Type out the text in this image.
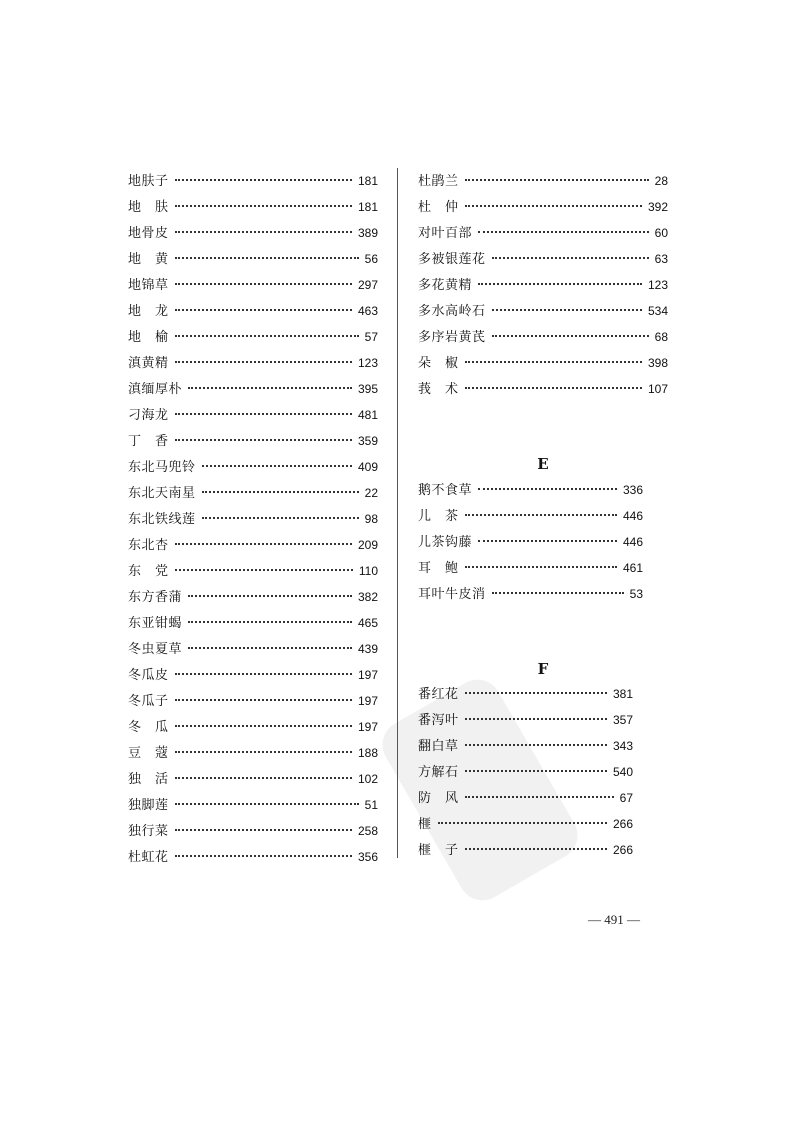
地肤子	181
地　肤	181
地骨皮	389
地　黄	56
地锦草	297
地　龙	463
地　榆	57
滇黄精	123
滇缅厚朴	395
刁海龙	481
丁　香	359
东北马兜铃	409
东北天南星	22
东北铁线莲	98
东北杏	209
东　党	110
东方香蒲	382
东亚钳蝎	465
冬虫夏草	439
冬瓜皮	197
冬瓜子	197
冬　瓜	197
豆　蔻	188
独　活	102
独脚莲	51
独行菜	258
杜虹花	356
杜鹃兰	28
杜　仲	392
对叶百部	60
多被银莲花	63
多花黄精	123
多水高岭石	534
多序岩黄芪	68
朵　椒	398
莪　术	107
E
鹅不食草	336
儿　茶	446
儿茶钩藤	446
耳　鲍	461
耳叶牛皮消	53
F
番红花	381
番泻叶	357
翻白草	343
方解石	540
防　风	67
榧	266
榧　子	266
— 491 —
